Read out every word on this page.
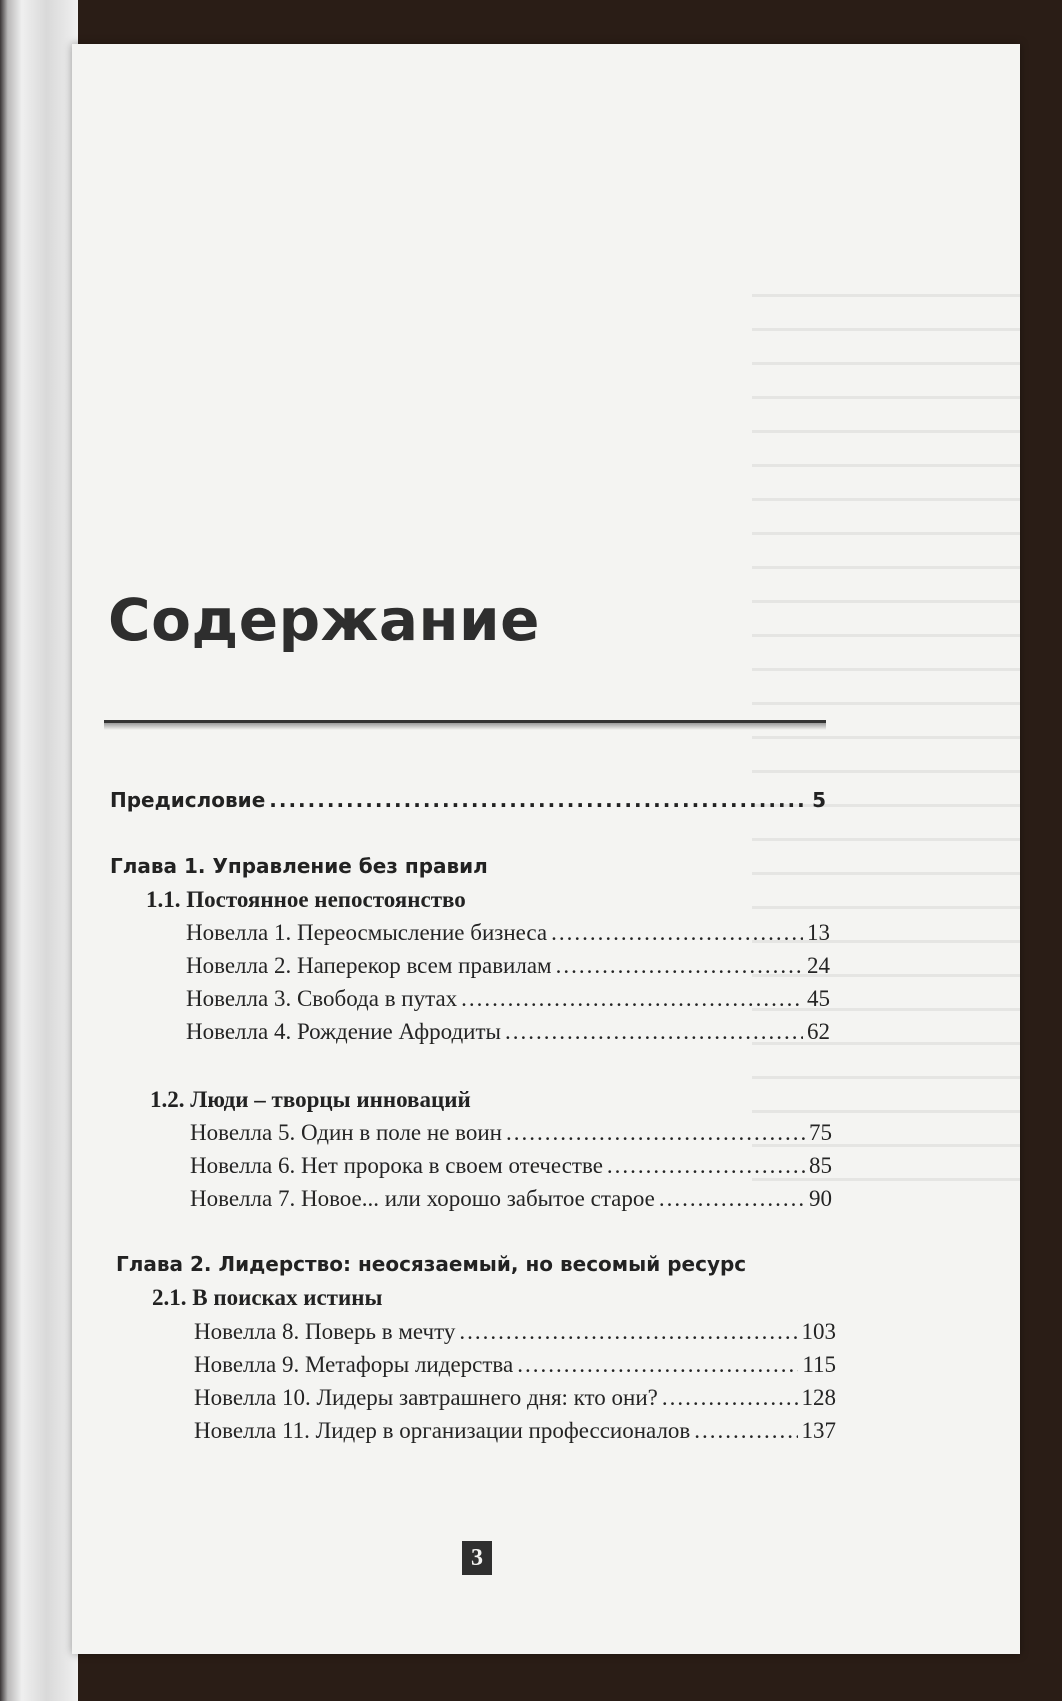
Содержание
Предисловие .....	5
Глава 1. Управление без правил
1.1. Постоянное непостоянство
Новелла 1. Переосмысление бизнеса .....	13
Новелла 2. Наперекор всем правилам .....	24
Новелла 3. Свобода в путах .....	45
Новелла 4. Рождение Афродиты .....	62
1.2. Люди – творцы инноваций
Новелла 5. Один в поле не воин .....	75
Новелла 6. Нет пророка в своем отечестве .....	85
Новелла 7. Новое... или хорошо забытое старое .....	90
Глава 2. Лидерство: неосязаемый, но весомый ресурс
2.1. В поисках истины
Новелла 8. Поверь в мечту .....	103
Новелла 9. Метафоры лидерства .....	115
Новелла 10. Лидеры завтрашнего дня: кто они? .....	128
Новелла 11. Лидер в организации профессионалов .....	137
3
